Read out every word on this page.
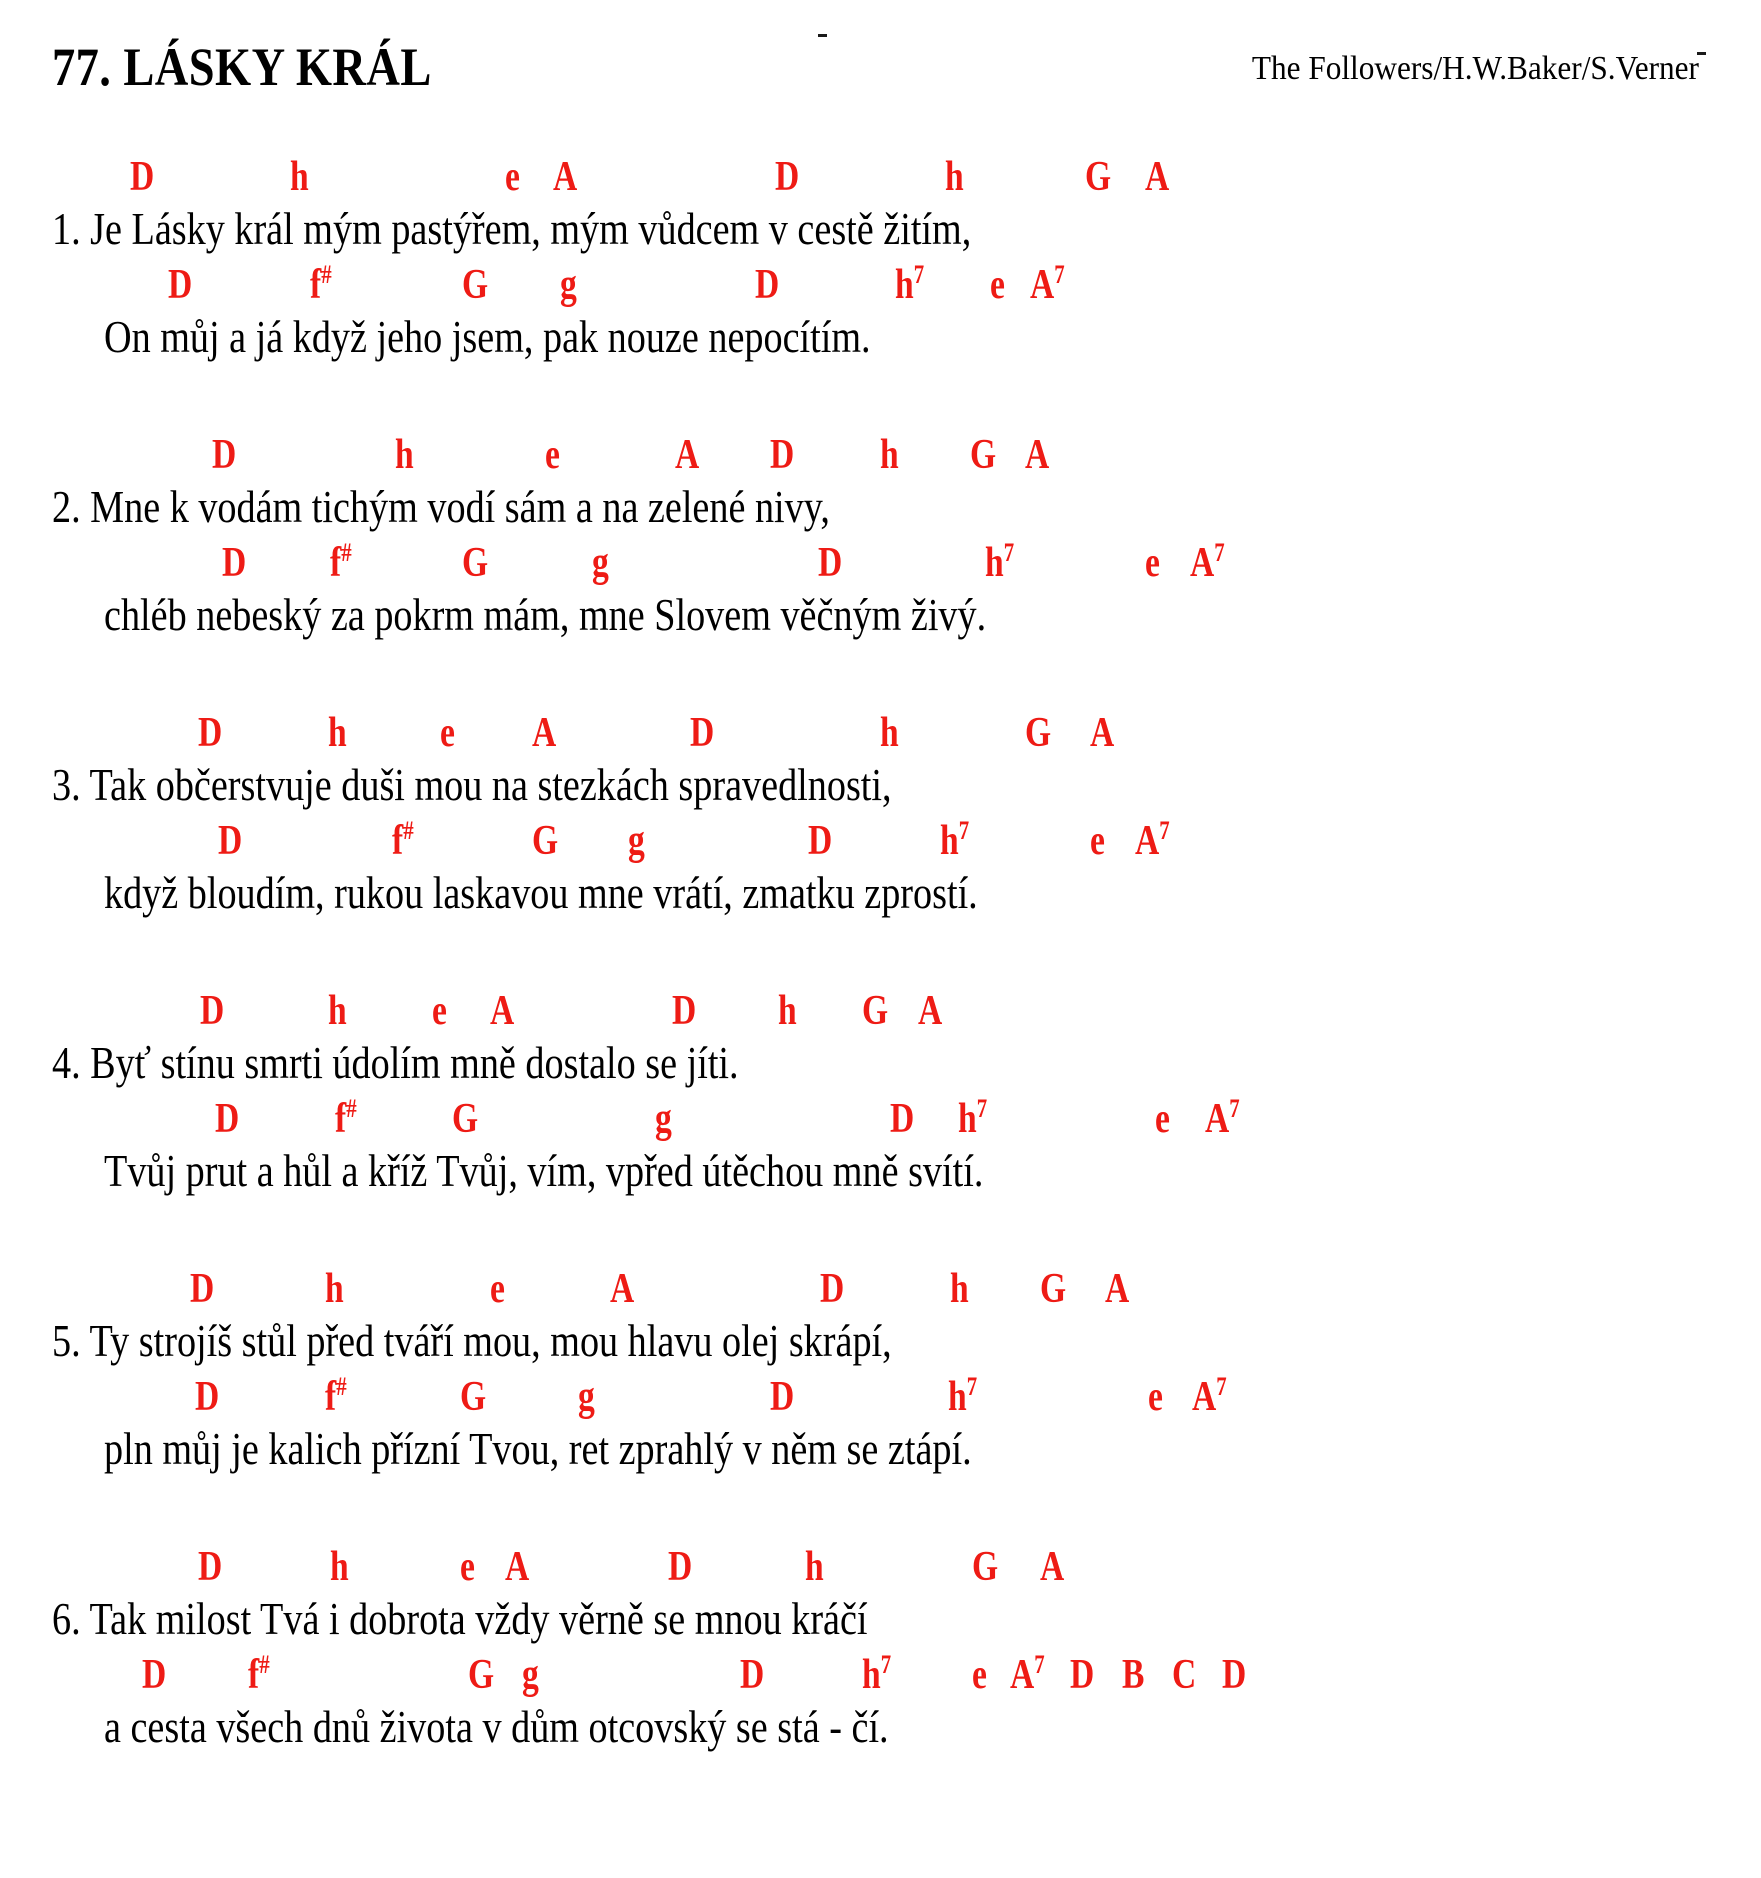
77. LÁSKY KRÁL	The Followers/H.W.Baker/S.Verner
D	h	e A	D	h	G A
1. Je Lásky král mým pastýřem, mým vůdcem v cestě žitím,
D	f#	G g	D	$h^7$ e $A^7$
On můj a já když jeho jsem, pak nouze nepocítím.
D	h	e	A D h G A
2. Mne k vodám tichým vodí sám a na zelené nivy,
D f#	G g	D	$h^7$	e $A^7$
chléb nebeský za pokrm mám, mne Slovem věčným živý.
D	h e A	D	h	G A
3. Tak občerstvuje duši mou na stezkách spravedlnosti,
D	f#	G g	D	$h^7$	e $A^7$
když bloudím, rukou laskavou mne vrátí, zmatku zprostí.
D h e A	D h G A
4. Byť stínu smrti údolím mně dostalo se jíti.
D f# G	g	D $h^7$	e $A^7$
Tvůj prut a hůl a kříž Tvůj, vím, vpřed útěchou mně svítí.
D	h	e	A	D	h G A
5. Ty strojíš stůl před tváří mou, mou hlavu olej skrápí,
D	f#	G g	D	$h^7$	e $A^7$
pln můj je kalich přízní Tvou, ret zprahlý v něm se ztápí.
D	h	e A	D	h	G A
6. Tak milost Tvá i dobrota vždy věrně se mnou kráčí
D f#	G g	D $h^7$ e $A^7$ D B C D
a cesta všech dnů života v dům otcovský se stá - čí.
